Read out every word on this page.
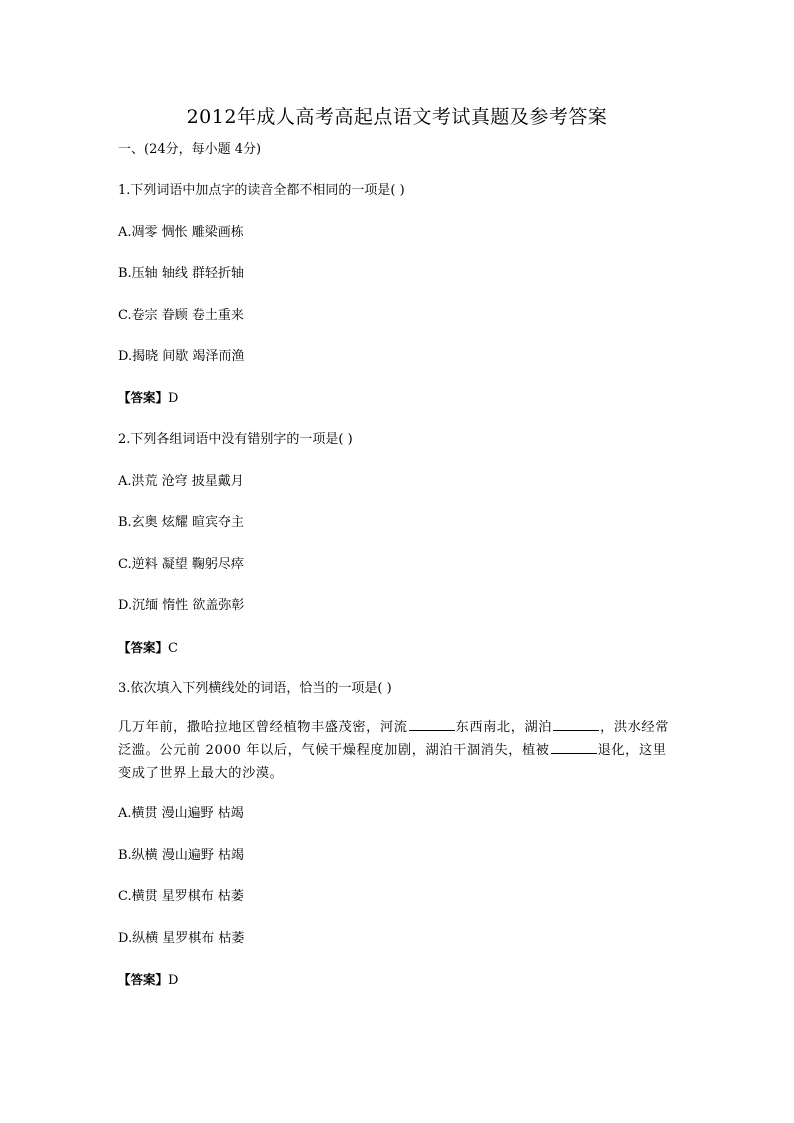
2012年成人高考高起点语文考试真题及参考答案
一、(24分，每小题 4分)
1.下列词语中加点字的读音全都不相同的一项是( )
A.凋零 惆怅 雕梁画栋
B.压轴 轴线 群轻折轴
C.卷宗 眷顾 卷土重来
D.揭晓 间歇 竭泽而渔
【答案】D
2.下列各组词语中没有错别字的一项是( )
A.洪荒 沧穹 披星戴月
B.玄奥 炫耀 暄宾夺主
C.逆料 凝望 鞠躬尽瘁
D.沉缅 惰性 欲盖弥彰
【答案】C
3.依次填入下列横线处的词语，恰当的一项是( )
几万年前，撒哈拉地区曾经植物丰盛茂密，河流	东西南北，湖泊	，洪水经常泛滥。公元前 2000 年以后，气候干燥程度加剧，湖泊干涸消失，植被	退化，这里变成了世界上最大的沙漠。
A.横贯 漫山遍野 枯竭
B.纵横 漫山遍野 枯竭
C.横贯 星罗棋布 枯萎
D.纵横 星罗棋布 枯萎
【答案】D
